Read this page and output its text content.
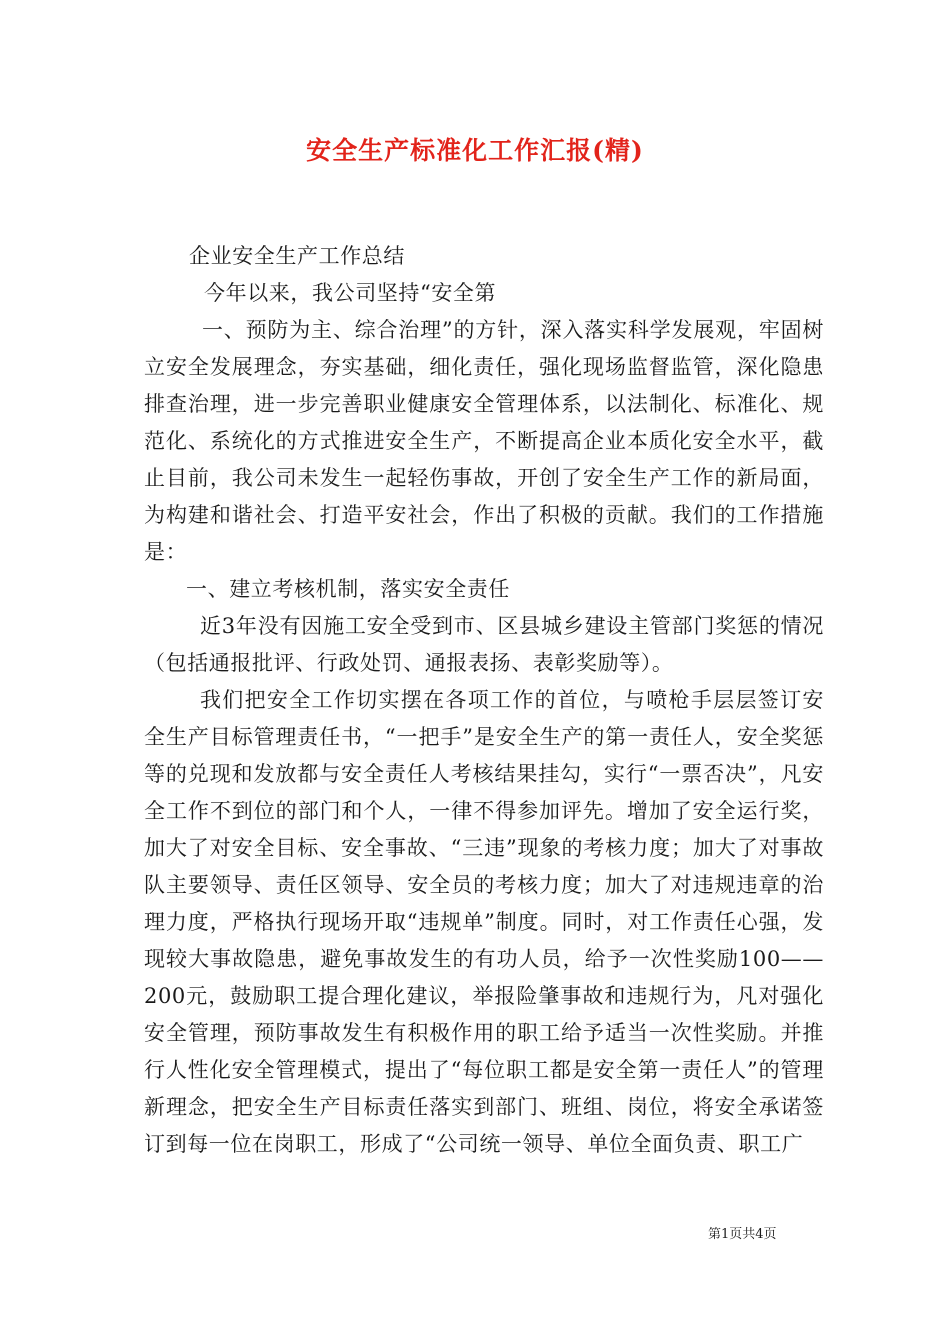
安全生产标准化工作汇报(精)

企业安全生产工作总结

今年以来，我公司坚持“安全第

一、预防为主、综合治理”的方针，深入落实科学发展观，牢固树立安全发展理念，夯实基础，细化责任，强化现场监督监管，深化隐患排查治理，进一步完善职业健康安全管理体系，以法制化、标准化、规范化、系统化的方式推进安全生产，不断提高企业本质化安全水平，截止目前，我公司未发生一起轻伤事故，开创了安全生产工作的新局面，为构建和谐社会、打造平安社会，作出了积极的贡献。我们的工作措施是：

一、建立考核机制，落实安全责任

近3年没有因施工安全受到市、区县城乡建设主管部门奖惩的情况（包括通报批评、行政处罚、通报表扬、表彰奖励等）。

我们把安全工作切实摆在各项工作的首位，与喷枪手层层签订安全生产目标管理责任书，“一把手”是安全生产的第一责任人，安全奖惩等的兑现和发放都与安全责任人考核结果挂勾，实行“一票否决”，凡安全工作不到位的部门和个人，一律不得参加评先。增加了安全运行奖，加大了对安全目标、安全事故、“三违”现象的考核力度；加大了对事故队主要领导、责任区领导、安全员的考核力度；加大了对违规违章的治理力度，严格执行现场开取“违规单”制度。同时，对工作责任心强，发现较大事故隐患，避免事故发生的有功人员，给予一次性奖励100——200元，鼓励职工提合理化建议，举报险肇事故和违规行为，凡对强化安全管理，预防事故发生有积极作用的职工给予适当一次性奖励。并推行人性化安全管理模式，提出了“每位职工都是安全第一责任人”的管理新理念，把安全生产目标责任落实到部门、班组、岗位，将安全承诺签订到每一位在岗职工，形成了“公司统一领导、单位全面负责、职工广

第1页共4页
